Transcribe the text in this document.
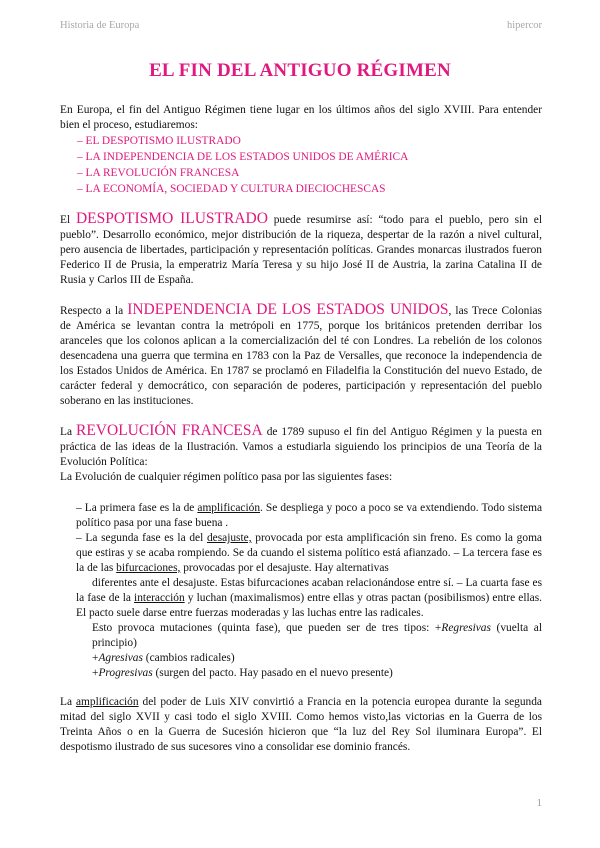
Historia de Europa	hipercor
EL FIN DEL ANTIGUO RÉGIMEN

En Europa, el fin del Antiguo Régimen tiene lugar en los últimos años del siglo XVIII. Para entender bien el proceso, estudiaremos:

– EL DESPOTISMO ILUSTRADO
– LA INDEPENDENCIA DE LOS ESTADOS UNIDOS DE AMÉRICA
– LA REVOLUCIÓN FRANCESA
– LA ECONOMÍA, SOCIEDAD Y CULTURA DIECIOCHESCAS

El DESPOTISMO ILUSTRADO puede resumirse así: “todo para el pueblo, pero sin el pueblo”. Desarrollo económico, mejor distribución de la riqueza, despertar de la razón a nivel cultural, pero ausencia de libertades, participación y representación políticas. Grandes monarcas ilustrados fueron Federico II de Prusia, la emperatriz María Teresa y su hijo José II de Austria, la zarina Catalina II de Rusia y Carlos III de España.

Respecto a la INDEPENDENCIA DE LOS ESTADOS UNIDOS, las Trece Colonias de América se levantan contra la metrópoli en 1775, porque los británicos pretenden derribar los aranceles que los colonos aplican a la comercialización del té con Londres. La rebelión de los colonos desencadena una guerra que termina en 1783 con la Paz de Versalles, que reconoce la independencia de los Estados Unidos de América. En 1787 se proclamó en Filadelfia la Constitución del nuevo Estado, de carácter federal y democrático, con separación de poderes, participación y representación del pueblo soberano en las instituciones.

La REVOLUCIÓN FRANCESA de 1789 supuso el fin del Antiguo Régimen y la puesta en práctica de las ideas de la Ilustración. Vamos a estudiarla siguiendo los principios de una Teoría de la Evolución Política:

La Evolución de cualquier régimen político pasa por las siguientes fases:

– La primera fase es la de amplificación. Se despliega y poco a poco se va extendiendo. Todo sistema político pasa por una fase buena .

– La segunda fase es la del desajuste, provocada por esta amplificación sin freno. Es como la goma que estiras y se acaba rompiendo. Se da cuando el sistema político está afianzado. – La tercera fase es la de las bifurcaciones, provocadas por el desajuste. Hay alternativas

diferentes ante el desajuste. Estas bifurcaciones acaban relacionándose entre sí. – La cuarta fase es la fase de la interacción y luchan (maximalismos) entre ellas y otras pactan (posibilismos) entre ellas. El pacto suele darse entre fuerzas moderadas y las luchas entre las radicales.

Esto provoca mutaciones (quinta fase), que pueden ser de tres tipos: +Regresivas (vuelta al principio)

+Agresivas (cambios radicales)

+Progresivas (surgen del pacto. Hay pasado en el nuevo presente)

La amplificación del poder de Luis XIV convirtió a Francia en la potencia europea durante la segunda mitad del siglo XVII y casi todo el siglo XVIII. Como hemos visto,las victorias en la Guerra de los Treinta Años o en la Guerra de Sucesión hicieron que “la luz del Rey Sol iluminara Europa”. El despotismo ilustrado de sus sucesores vino a consolidar ese dominio francés.

1
